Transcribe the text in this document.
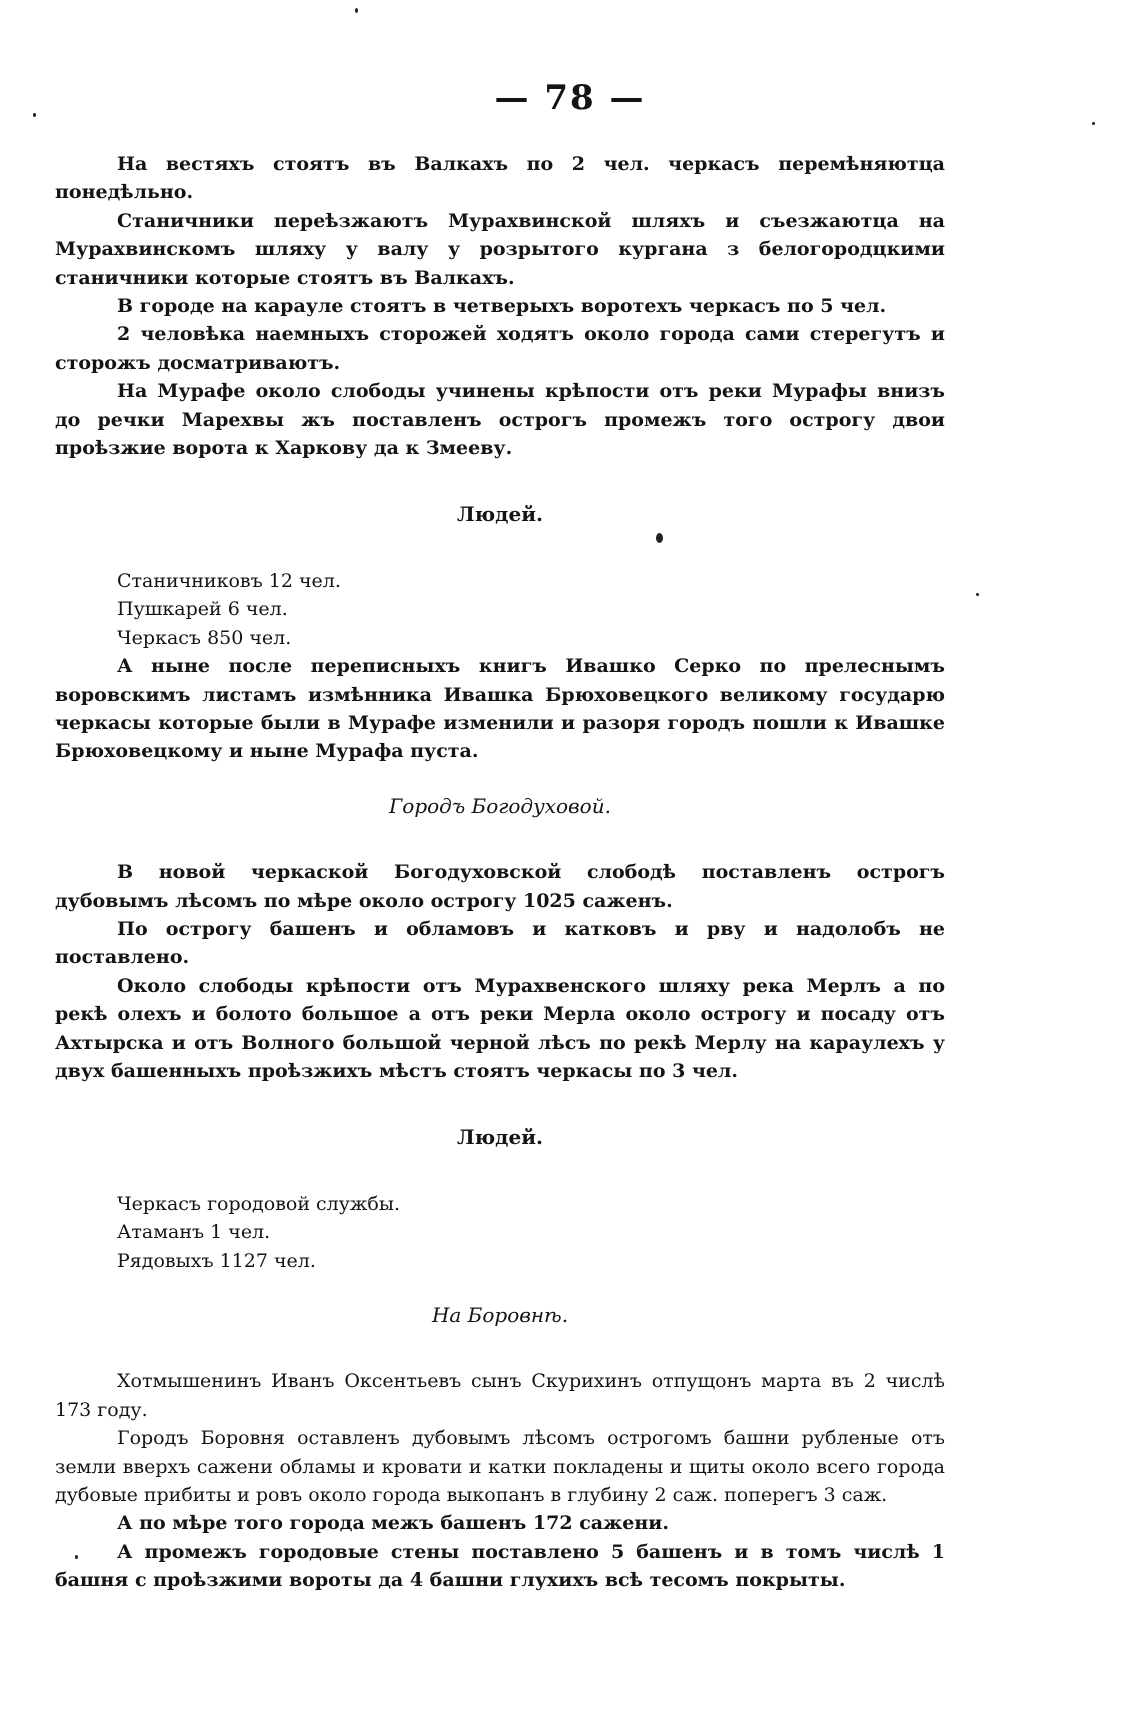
— 78 —

На вестяхъ стоятъ въ Валкахъ по 2 чел. черкасъ перемѣняютца понедѣльно.

Станичники переѣзжаютъ Мурахвинской шляхъ и съезжаютца на Мурахвинскомъ шляху у валу у розрытого кургана з белогородцкими станичники которые стоятъ въ Валкахъ.

В городе на карауле стоятъ в четверыхъ воротехъ черкасъ по 5 чел.

2 человѣка наемныхъ сторожей ходятъ около города сами стерегутъ и сторожъ досматриваютъ.

На Мурафе около слободы учинены крѣпости отъ реки Мурафы внизъ до речки Марехвы жъ поставленъ острогъ промежъ того острогу двои проѣзжие ворота к Харкову да к Змееву.

Людей.

Станичниковъ 12 чел.

Пушкарей 6 чел.

Черкасъ 850 чел.

А ныне после переписныхъ книгъ Ивашко Серко по прелеснымъ воровскимъ листамъ измѣнника Ивашка Брюховецкого великому государю черкасы которые были в Мурафе изменили и разоря городъ пошли к Ивашке Брюховецкому и ныне Мурафа пуста.

Городъ Богодуховой.

В новой черкаской Богодуховской слободѣ поставленъ острогъ дубовымъ лѣсомъ по мѣре около острогу 1025 саженъ.

По острогу башенъ и обламовъ и катковъ и рву и надолобъ не поставлено.

Около слободы крѣпости отъ Мурахвенского шляху река Мерлъ а по рекѣ олехъ и болото большое а отъ реки Мерла около острогу и посаду отъ Ахтырска и отъ Волного большой черной лѣсъ по рекѣ Мерлу на караулехъ у двух башенныхъ проѣзжихъ мѣстъ стоятъ черкасы по 3 чел.

Людей.

Черкасъ городовой службы.

Атаманъ 1 чел.

Рядовыхъ 1127 чел.

На Боровнѣ.

Хотмышенинъ Иванъ Оксентьевъ сынъ Скурихинъ отпущонъ марта въ 2 числѣ 173 году.

Городъ Боровня оставленъ дубовымъ лѣсомъ острогомъ башни рубленые отъ земли вверхъ сажени обламы и кровати и катки покладены и щиты около всего города дубовые прибиты и ровъ около города выкопанъ в глубину 2 саж. поперегъ 3 саж.

А по мѣре того города межъ башенъ 172 сажени.

А промежъ городовые стены поставлено 5 башенъ и в томъ числѣ 1 башня с проѣзжими вороты да 4 башни глухихъ всѣ тесомъ покрыты.
